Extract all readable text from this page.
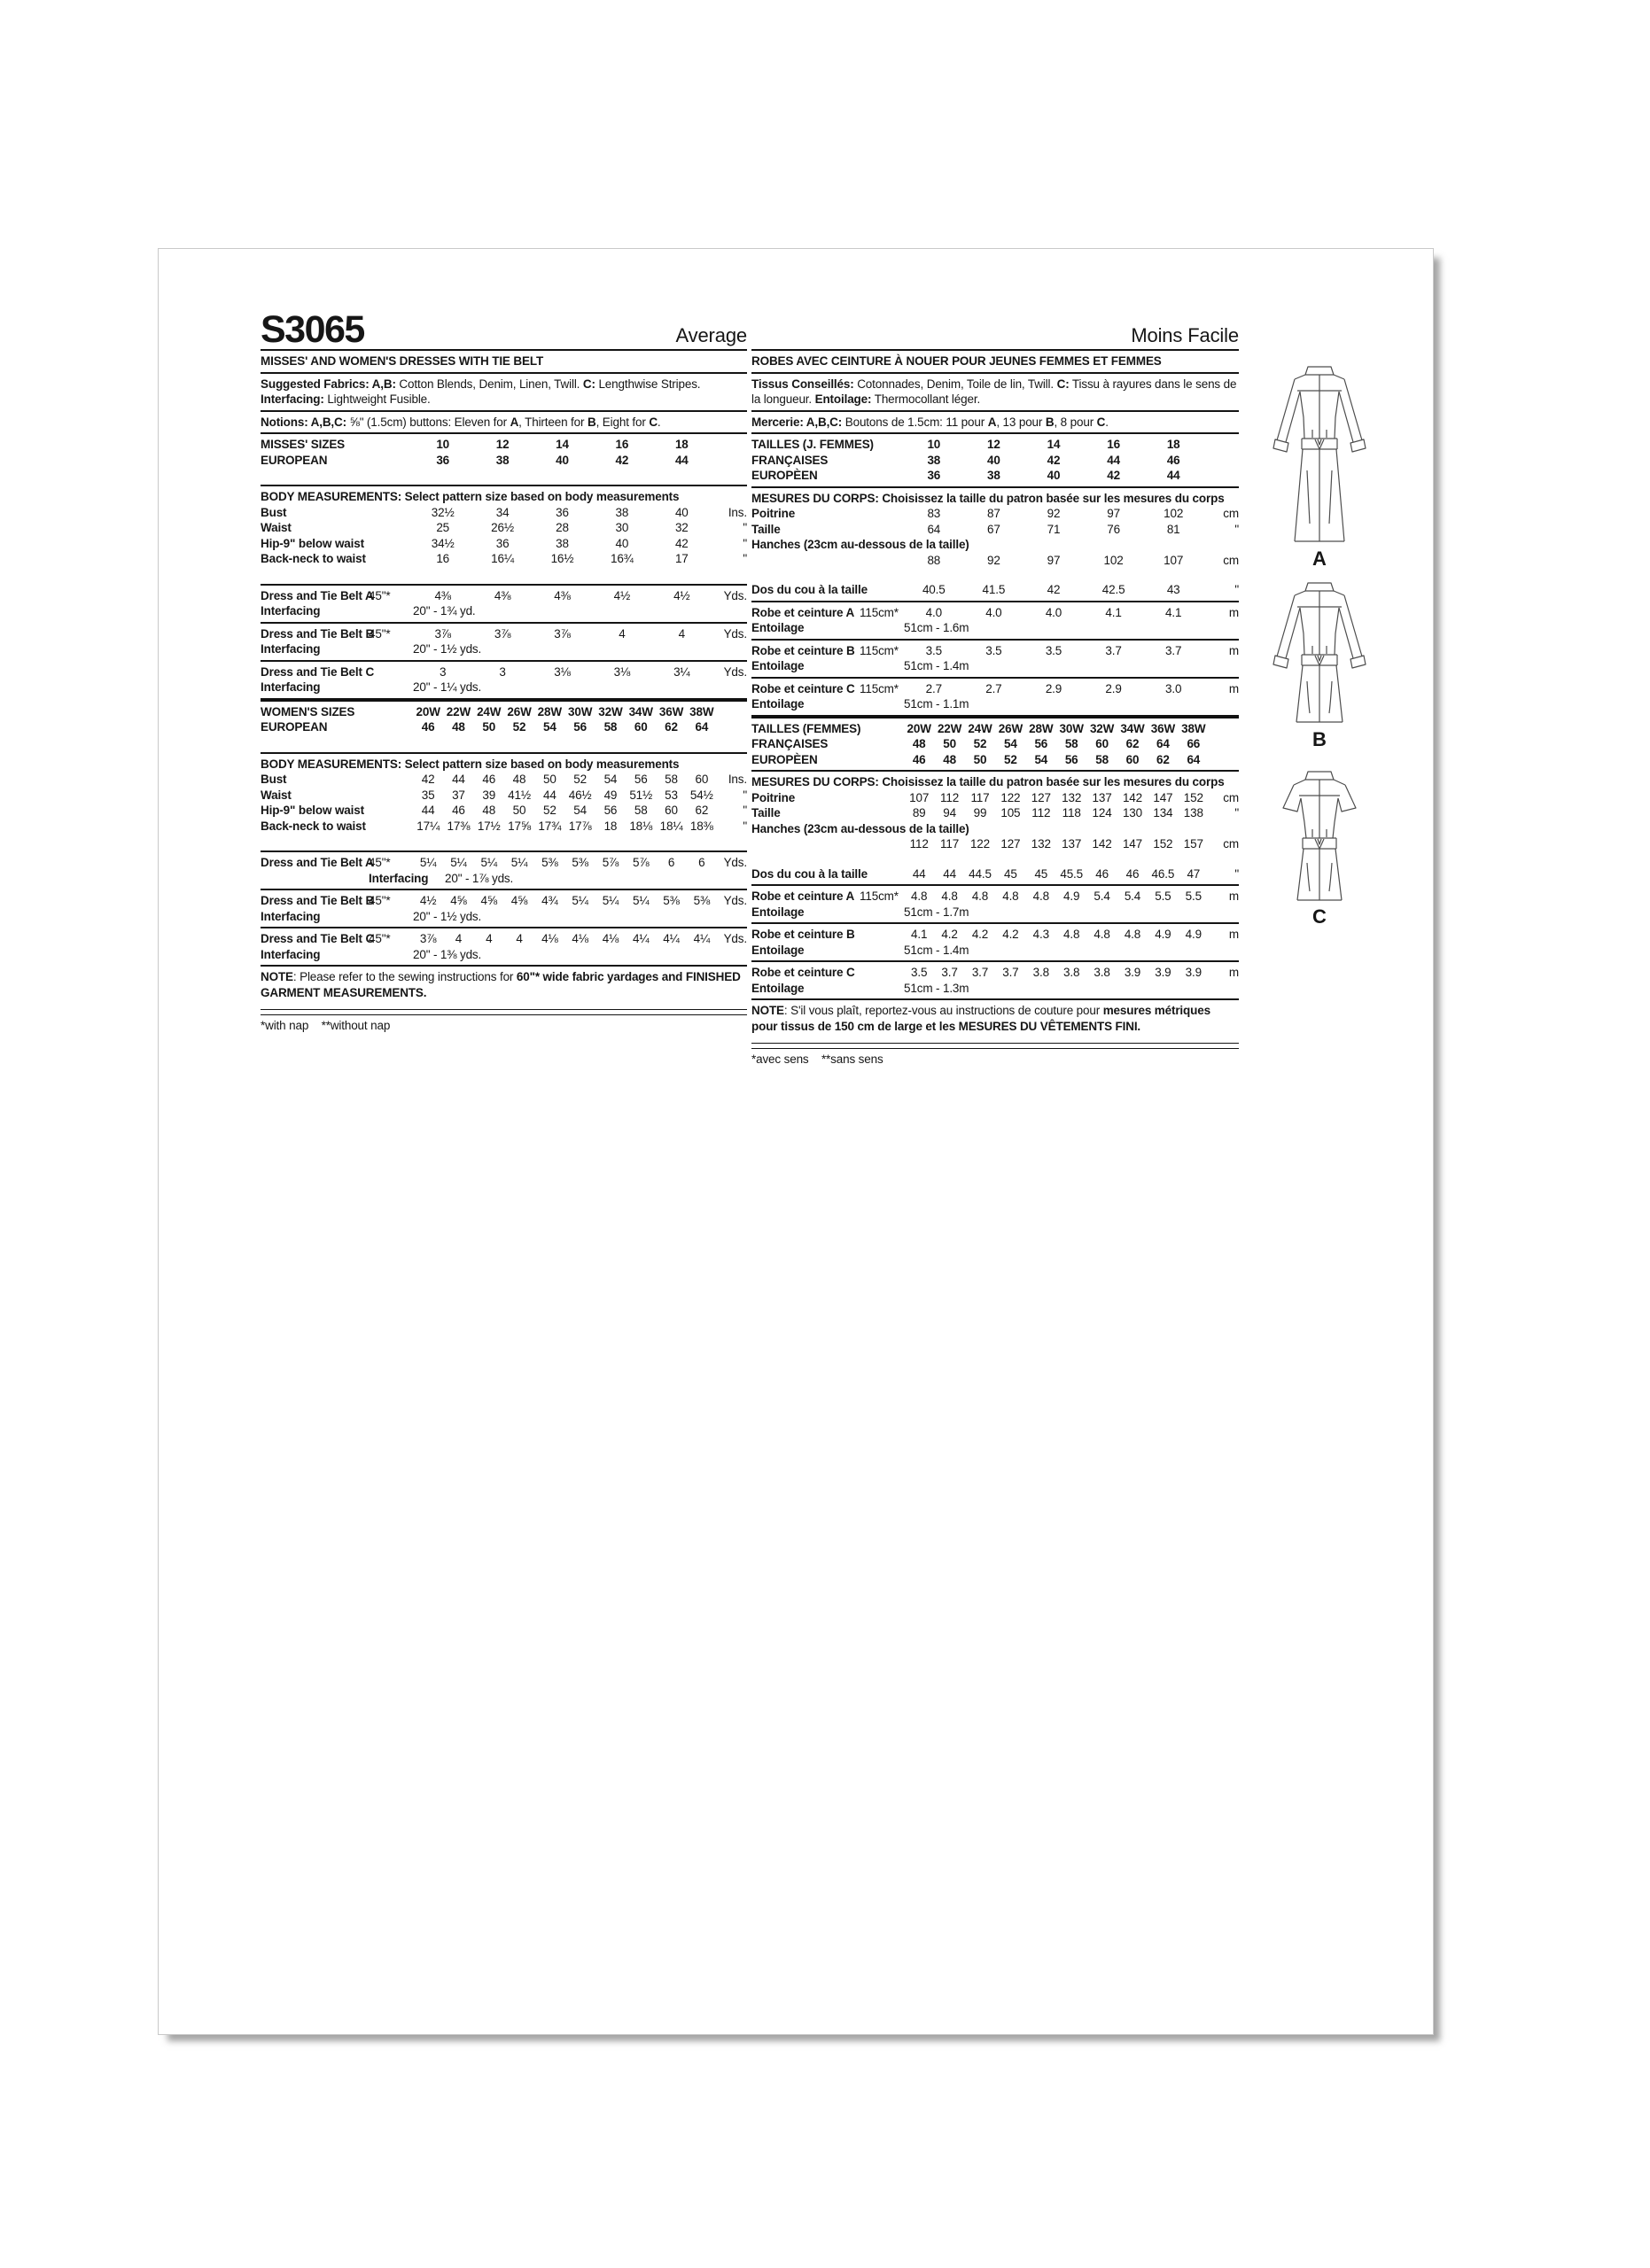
S3065	Average
MISSES' AND WOMEN'S DRESSES WITH TIE BELT
Suggested Fabrics: A,B: Cotton Blends, Denim, Linen, Twill. C: Lengthwise Stripes. Interfacing: Lightweight Fusible.
Notions: A,B,C: ⅝" (1.5cm) buttons: Eleven for A, Thirteen for B, Eight for C.
MISSES' SIZES	10	12	14	16	18
EUROPEAN	36	38	40	42	44
BODY MEASUREMENTS: Select pattern size based on body measurements
Bust	32½	34	36	38	40	Ins.
Waist	25	26½	28	30	32	"
Hip-9" below waist	34½	36	38	40	42	"
Back-neck to waist	16	16¼	16½	16¾	17	"
Dress and Tie Belt A
45"*	4⅜	4⅜	4⅜	4½	4½	Yds.
Interfacing	20" - 1¾ yd.
Dress and Tie Belt B
45"*	3⅞	3⅞	3⅞	4	4	Yds.
Interfacing	20" - 1½ yds.
Dress and Tie Belt C	3	3	3⅛	3⅛	3¼	Yds.
Interfacing	20" - 1¼ yds.
WOMEN'S SIZES	20W 22W 24W 26W 28W 30W 32W 34W 36W 38W
EUROPEAN	46	48	50	52	54	56	58	60	62	64
BODY MEASUREMENTS: Select pattern size based on body measurements
Bust	42	44	46	48	50	52	54	56	58	60	Ins.
Waist	35	37	39	41½	44	46½	49	51½	53	54½	"
Hip-9" below waist	44	46	48	50	52	54	56	58	60	62	"
Back-neck to waist	17¼ 17⅜ 17½ 17⅝ 17¾ 17⅞	18	18⅛ 18¼ 18⅜	"
Dress and Tie Belt A
45"*	5¼	5¼	5¼	5¼	5⅜	5⅜	5⅞	5⅞	6	6	Yds.
Interfacing	20" - 1⅞ yds.
Dress and Tie Belt B
45"*	4½	4⅝	4⅝	4⅝	4¾	5¼	5¼	5¼	5⅜	5⅜	Yds.
Interfacing	20" - 1½ yds.
Dress and Tie Belt C
45"*	3⅞	4	4	4	4⅛	4⅛	4⅛	4¼	4¼	4¼	Yds.
Interfacing	20" - 1⅜ yds.
NOTE: Please refer to the sewing instructions for 60"* wide fabric yardages and FINISHED GARMENT MEASUREMENTS.
*with nap    **without nap
Moins Facile
ROBES AVEC CEINTURE À NOUER POUR JEUNES FEMMES ET FEMMES
Tissus Conseillés: Cotonnades, Denim, Toile de lin, Twill. C: Tissu à rayures dans le sens de la longueur. Entoilage: Thermocollant léger.
Mercerie: A,B,C: Boutons de 1.5cm: 11 pour A, 13 pour B, 8 pour C.
TAILLES (J. FEMMES)	10	12	14	16	18
FRANÇAISES	38	40	42	44	46
EUROPÈEN	36	38	40	42	44
MESURES DU CORPS: Choisissez la taille du patron basée sur les mesures du corps
Poitrine	83	87	92	97	102	cm
Taille	64	67	71	76	81	"
Hanches (23cm au-dessous de la taille)
88	92	97	102	107	cm
Dos du cou à la taille	40.5	41.5	42	42.5	43	"
Robe et ceinture A 115cm*	4.0	4.0	4.0	4.1	4.1	m
Entoilage	51cm - 1.6m
Robe et ceinture B 115cm*	3.5	3.5	3.5	3.7	3.7	m
Entoilage	51cm - 1.4m
Robe et ceinture C 115cm*	2.7	2.7	2.9	2.9	3.0	m
Entoilage	51cm - 1.1m
TAILLES (FEMMES)	20W 22W 24W 26W 28W 30W 32W 34W 36W 38W
FRANÇAISES	48	50	52	54	56	58	60	62	64	66
EUROPÈEN	46	48	50	52	54	56	58	60	62	64
MESURES DU CORPS: Choisissez la taille du patron basée sur les mesures du corps
Poitrine	107 112 117 122 127 132 137 142 147 152	cm
Taille	89	94	99	105 112 118 124 130 134 138	"
Hanches (23cm au-dessous de la taille)
112 117 122 127 132 137 142 147 152 157	cm
Dos du cou à la taille	44	44	44.5	45	45	45.5	46	46	46.5	47	"
Robe et ceinture A 115cm*	4.8	4.8	4.8	4.8	4.8	4.9	5.4	5.4	5.5	5.5	m
Entoilage	51cm - 1.7m
Robe et ceinture B	4.1	4.2	4.2	4.2	4.3	4.8	4.8	4.8	4.9	4.9	m
Entoilage	51cm - 1.4m
Robe et ceinture C	3.5	3.7	3.7	3.7	3.8	3.8	3.8	3.9	3.9	3.9	m
Entoilage	51cm - 1.3m
NOTE: S'il vous plaît, reportez-vous au instructions de couture pour mesures métriques pour tissus de 150 cm de large et les MESURES DU VÊTEMENTS FINI.
*avec sens    **sans sens
A
B
C
